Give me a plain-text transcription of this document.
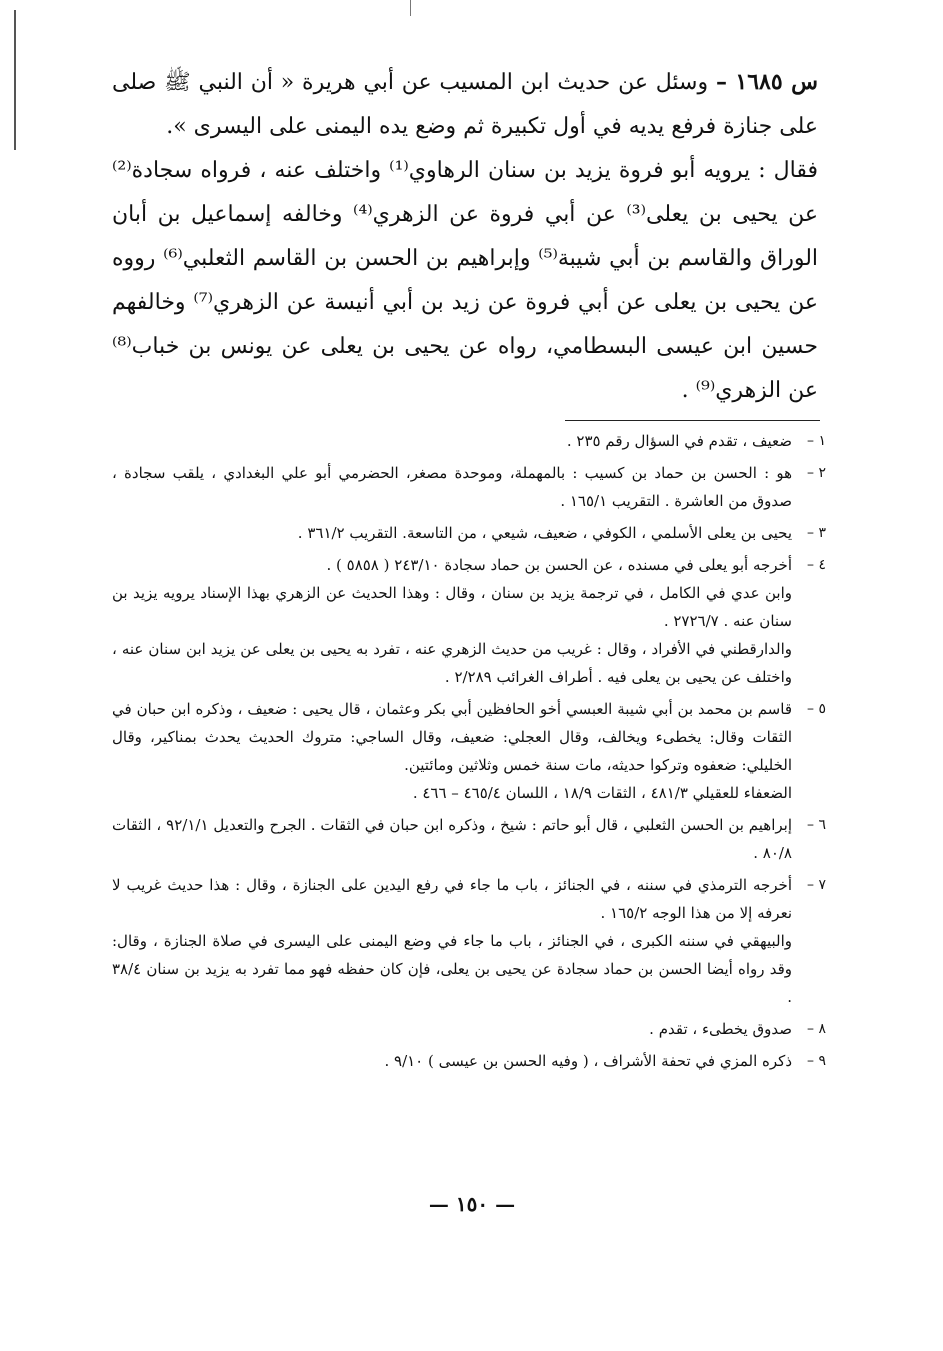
س ١٦٨٥ – وسئل عن حديث ابن المسيب عن أبي هريرة « أن النبي ﷺ صلى على جنازة فرفع يديه في أول تكبيرة ثم وضع يده اليمنى على اليسرى ».

فقال : يرويه أبو فروة يزيد بن سنان الرهاوي⁽¹⁾ واختلف عنه ، فرواه سجادة⁽²⁾ عن يحيى بن يعلى⁽³⁾ عن أبي فروة عن الزهري⁽⁴⁾ وخالفه إسماعيل بن أبان الوراق والقاسم بن أبي شيبة⁽⁵⁾ وإبراهيم بن الحسن بن القاسم الثعلبي⁽⁶⁾ رووه عن يحيى بن يعلى عن أبي فروة عن زيد بن أبي أنيسة عن الزهري⁽⁷⁾ وخالفهم حسين ابن عيسى البسطامي، رواه عن يحيى بن يعلى عن يونس بن خباب⁽⁸⁾ عن الزهري⁽⁹⁾ .

١ –

ضعيف ، تقدم في السؤال رقم ٢٣٥ .

٢ –

هو : الحسن بن حماد بن كسيب : بالمهملة، وموحدة مصغر، الحضرمي أبو علي البغدادي ، يلقب سجادة ، صدوق من العاشرة . التقريب ١٦٥/١ .

٣ –

يحيى بن يعلى الأسلمي ، الكوفي ، ضعيف، شيعي ، من التاسعة. التقريب ٣٦١/٢ .

٤ –

أخرجه أبو يعلى في مسنده ، عن الحسن بن حماد سجادة ٢٤٣/١٠ ( ٥٨٥٨ ) .

وابن عدي في الكامل ، في ترجمة يزيد بن سنان ، وقال : وهذا الحديث عن الزهري بهذا الإسناد يرويه يزيد بن سنان عنه . ٢٧٢٦/٧ .

والدارقطني في الأفراد ، وقال : غريب من حديث الزهري عنه ، تفرد به يحيى بن يعلى عن يزيد ابن سنان عنه ، واختلف عن يحيى بن يعلى فيه . أطراف الغرائب ٢/٢٨٩ .

٥ –

قاسم بن محمد بن أبي شيبة العبسي أخو الحافظين أبي بكر وعثمان ، قال يحيى : ضعيف ، وذكره ابن حبان في الثقات وقال: يخطىء ويخالف، وقال العجلي: ضعيف، وقال الساجي: متروك الحديث يحدث بمناكير، وقال الخليلي: ضعفوه وتركوا حديثه، مات سنة خمس وثلاثين ومائتين.

الضعفاء للعقيلي ٤٨١/٣ ، الثقات ١٨/٩ ، اللسان ٤٦٥/٤ – ٤٦٦ .

٦ –

إبراهيم بن الحسن الثعلبي ، قال أبو حاتم : شيخ ، وذكره ابن حبان في الثقات . الجرح والتعديل ٩٢/١/١ ، الثقات ٨٠/٨ .

٧ –

أخرجه الترمذي في سننه ، في الجنائز ، باب ما جاء في رفع اليدين على الجنازة ، وقال : هذا حديث غريب لا نعرفه إلا من هذا الوجه ١٦٥/٢ .

والبيهقي في سننه الكبرى ، في الجنائز ، باب ما جاء في وضع اليمنى على اليسرى في صلاة الجنازة ، وقال: وقد رواه أيضا الحسن بن حماد سجادة عن يحيى بن يعلى، فإن كان حفظه فهو مما تفرد به يزيد بن سنان ٣٨/٤ .

٨ –

صدوق يخطىء ، تقدم .

٩ –

ذكره المزي في تحفة الأشراف ، ( وفيه الحسن بن عيسى ) ٩/١٠ .

— ١٥٠ —
